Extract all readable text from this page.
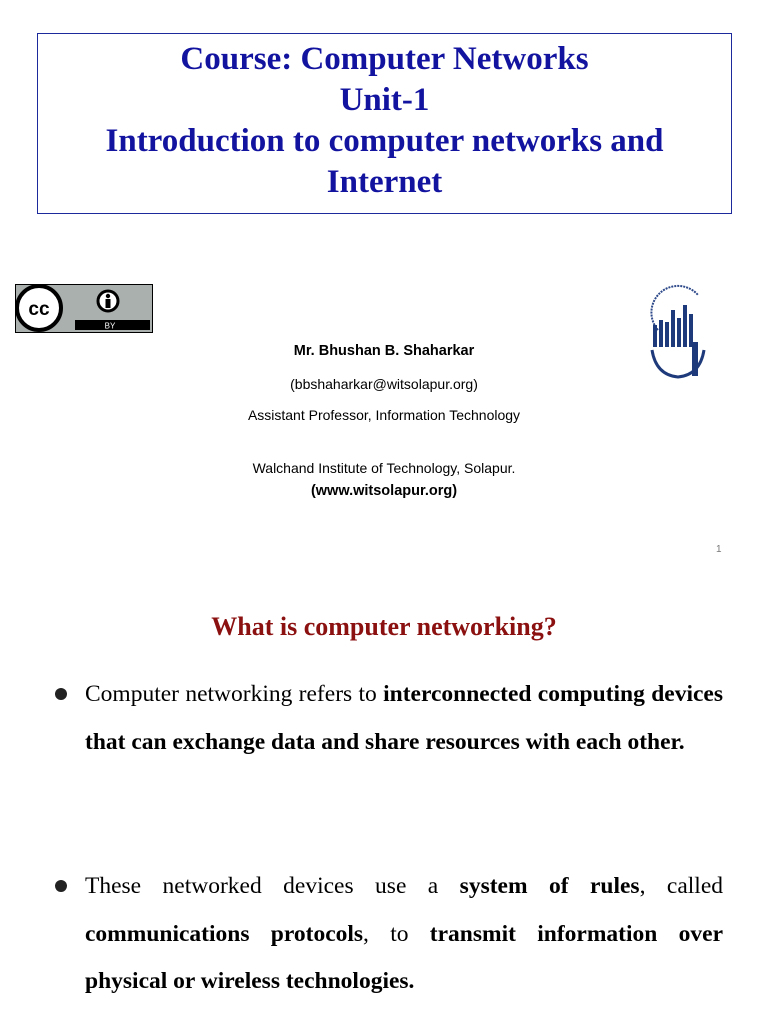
Course: Computer Networks
Unit-1
Introduction to computer networks and
Internet
cc
BY
Mr. Bhushan B. Shaharkar
(bbshaharkar@witsolapur.org)
Assistant Professor, Information Technology
Walchand Institute of Technology, Solapur.
(www.witsolapur.org)
1
What is computer networking?
Computer networking refers to interconnected computing devices that can exchange data and share resources with each other.
These networked devices use a system of rules, called communications protocols, to transmit information over physical or wireless technologies.
